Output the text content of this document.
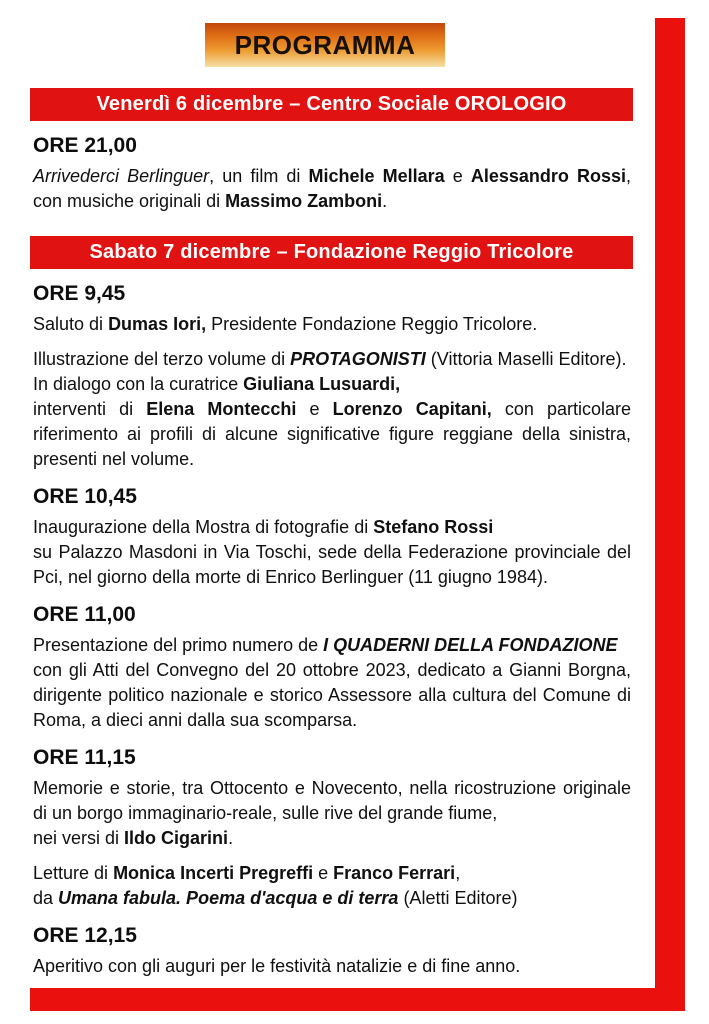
PROGRAMMA
Venerdì 6 dicembre – Centro Sociale OROLOGIO
ORE 21,00

Arrivederci Berlinguer, un film di Michele Mellara e Alessandro Rossi, con musiche originali di Massimo Zamboni.

Sabato 7 dicembre – Fondazione Reggio Tricolore
ORE 9,45

Saluto di Dumas Iori, Presidente Fondazione Reggio Tricolore.

Illustrazione del terzo volume di PROTAGONISTI (Vittoria Maselli Editore).
In dialogo con la curatrice Giuliana Lusuardi,
interventi di Elena Montecchi e Lorenzo Capitani, con particolare riferimento ai profili di alcune significative figure reggiane della sinistra, presenti nel volume.

ORE 10,45

Inaugurazione della Mostra di fotografie di Stefano Rossi
su Palazzo Masdoni in Via Toschi, sede della Federazione provinciale del Pci, nel giorno della morte di Enrico Berlinguer (11 giugno 1984).

ORE 11,00

Presentazione del primo numero de I QUADERNI DELLA FONDAZIONE
con gli Atti del Convegno del 20 ottobre 2023, dedicato a Gianni Borgna, dirigente politico nazionale e storico Assessore alla cultura del Comune di Roma, a dieci anni dalla sua scomparsa.

ORE 11,15

Memorie e storie, tra Ottocento e Novecento, nella ricostruzione originale di un borgo immaginario-reale, sulle rive del grande fiume,
nei versi di Ildo Cigarini.

Letture di Monica Incerti Pregreffi e Franco Ferrari,
da Umana fabula. Poema d'acqua e di terra (Aletti Editore)

ORE 12,15

Aperitivo con gli auguri per le festività natalizie e di fine anno.
